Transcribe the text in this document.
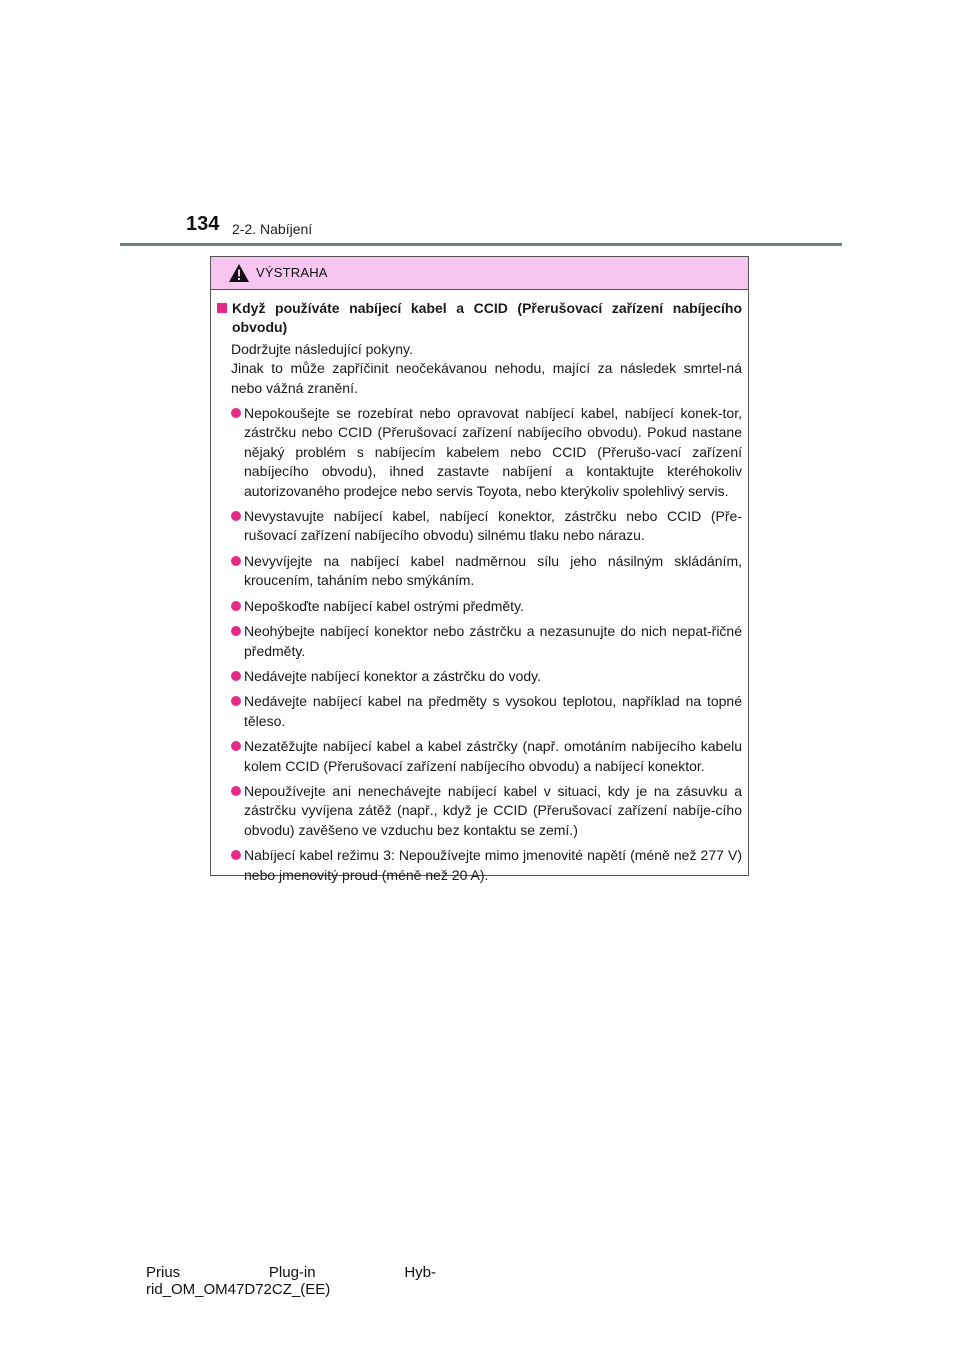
134 2-2. Nabíjení
VÝSTRAHA
Když používáte nabíjecí kabel a CCID (Přerušovací zařízení nabíjecího obvodu)

Dodržujte následující pokyny.

Jinak to může zapříčinit neočekávanou nehodu, mající za následek smrtel-ná nebo vážná zranění.

Nepokoušejte se rozebírat nebo opravovat nabíjecí kabel, nabíjecí konek-tor, zástrčku nebo CCID (Přerušovací zařízení nabíjecího obvodu). Pokud nastane nějaký problém s nabíjecím kabelem nebo CCID (Přerušo-vací zařízení nabíjecího obvodu), ihned zastavte nabíjení a kontaktujte kteréhokoliv autorizovaného prodejce nebo servis Toyota, nebo kterýkoliv spolehlivý servis.
Nevystavujte nabíjecí kabel, nabíjecí konektor, zástrčku nebo CCID (Pře-rušovací zařízení nabíjecího obvodu) silnému tlaku nebo nárazu.
Nevyvíjejte na nabíjecí kabel nadměrnou sílu jeho násilným skládáním, kroucením, taháním nebo smýkáním.
Nepoškoďte nabíjecí kabel ostrými předměty.
Neohýbejte nabíjecí konektor nebo zástrčku a nezasunujte do nich nepat-řičné předměty.
Nedávejte nabíjecí konektor a zástrčku do vody.
Nedávejte nabíjecí kabel na předměty s vysokou teplotou, například na topné těleso.
Nezatěžujte nabíjecí kabel a kabel zástrčky (např. omotáním nabíjecího kabelu kolem CCID (Přerušovací zařízení nabíjecího obvodu) a nabíjecí konektor.
Nepoužívejte ani nenechávejte nabíjecí kabel v situaci, kdy je na zásuvku a zástrčku vyvíjena zátěž (např., když je CCID (Přerušovací zařízení nabíje-cího obvodu) zavěšeno ve vzduchu bez kontaktu se zemí.)
Nabíjecí kabel režimu 3: Nepoužívejte mimo jmenovité napětí (méně než 277 V) nebo jmenovitý proud (méně než 20 A).
Prius	Plug-in	Hyb-
rid_OM_OM47D72CZ_(EE)
